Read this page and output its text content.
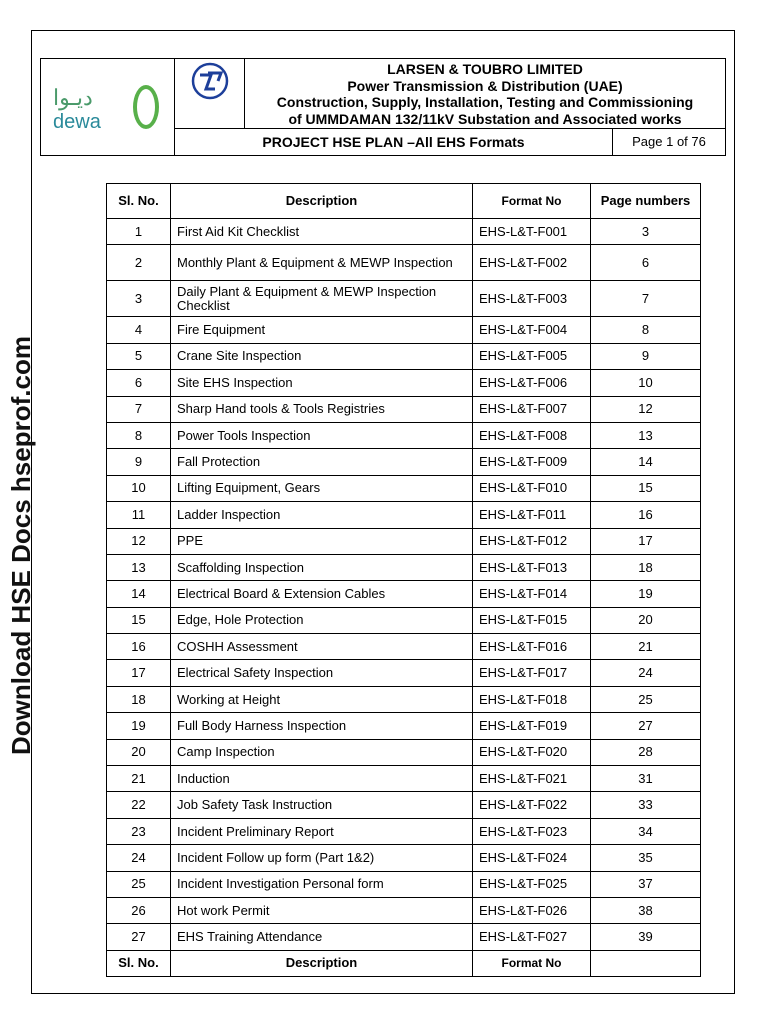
ديـوا
dewa
LARSEN & TOUBRO LIMITED
Power Transmission & Distribution (UAE)
Construction, Supply, Installation, Testing and Commissioning
of UMMDAMAN 132/11kV Substation and Associated works
PROJECT HSE PLAN –All EHS Formats	Page 1 of 76
Download HSE Docs hseprof.com
Sl. No.	Description	Format No	Page numbers
1	First Aid Kit Checklist	EHS-L&T-F001	3
2	Monthly Plant & Equipment & MEWP Inspection	EHS-L&T-F002	6
3	Daily Plant & Equipment & MEWP Inspection Checklist	EHS-L&T-F003	7
4	Fire Equipment	EHS-L&T-F004	8
5	Crane Site Inspection	EHS-L&T-F005	9
6	Site EHS Inspection	EHS-L&T-F006	10
7	Sharp Hand tools & Tools Registries	EHS-L&T-F007	12
8	Power Tools Inspection	EHS-L&T-F008	13
9	Fall Protection	EHS-L&T-F009	14
10	Lifting Equipment, Gears	EHS-L&T-F010	15
11	Ladder Inspection	EHS-L&T-F011	16
12	PPE	EHS-L&T-F012	17
13	Scaffolding Inspection	EHS-L&T-F013	18
14	Electrical Board & Extension Cables	EHS-L&T-F014	19
15	Edge, Hole Protection	EHS-L&T-F015	20
16	COSHH Assessment	EHS-L&T-F016	21
17	Electrical Safety Inspection	EHS-L&T-F017	24
18	Working at Height	EHS-L&T-F018	25
19	Full Body Harness Inspection	EHS-L&T-F019	27
20	Camp Inspection	EHS-L&T-F020	28
21	Induction	EHS-L&T-F021	31
22	Job Safety Task Instruction	EHS-L&T-F022	33
23	Incident Preliminary Report	EHS-L&T-F023	34
24	Incident Follow up form (Part 1&2)	EHS-L&T-F024	35
25	Incident Investigation Personal form	EHS-L&T-F025	37
26	Hot work Permit	EHS-L&T-F026	38
27	EHS Training Attendance	EHS-L&T-F027	39
Sl. No.	Description	Format No	
